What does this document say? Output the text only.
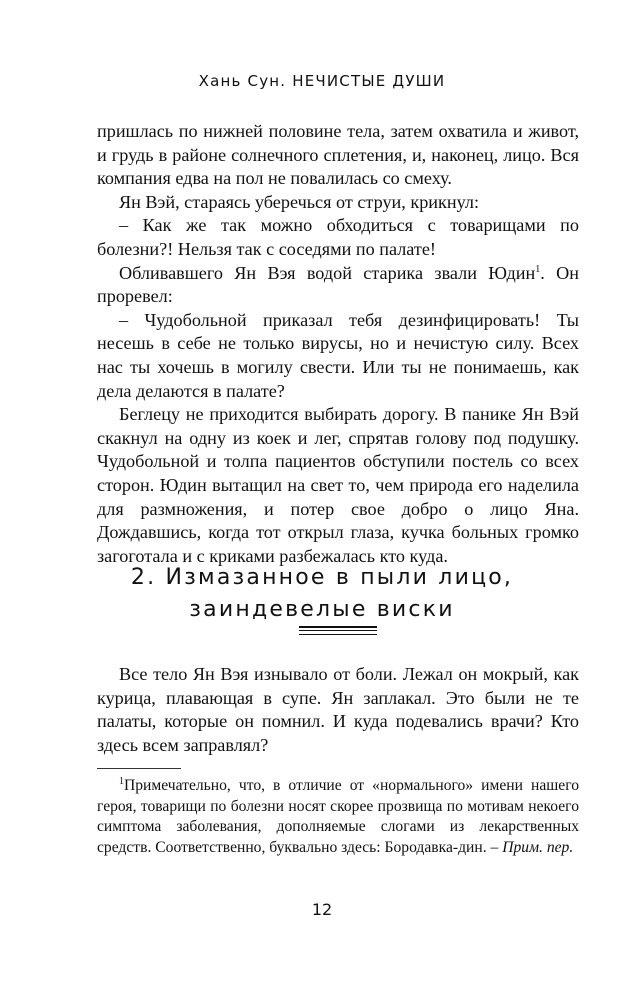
Хань Сун. НЕЧИСТЫЕ ДУШИ

пришлась по нижней половине тела, затем охватила и живот, и грудь в районе солнечного сплетения, и, наконец, лицо. Вся компания едва на пол не повалилась со смеху.

Ян Вэй, стараясь уберечься от струи, крикнул:

– Как же так можно обходиться с товарищами по болезни?! Нельзя так с соседями по палате!

Обливавшего Ян Вэя водой старика звали Юдин$^1$. Он проревел:

– Чудобольной приказал тебя дезинфицировать! Ты несешь в себе не только вирусы, но и нечистую силу. Всех нас ты хочешь в могилу свести. Или ты не понимаешь, как дела делаются в палате?

Беглецу не приходится выбирать дорогу. В панике Ян Вэй скакнул на одну из коек и лег, спрятав голову под подушку. Чудобольной и толпа пациентов обступили постель со всех сторон. Юдин вытащил на свет то, чем природа его наделила для размножения, и потер свое добро о лицо Яна. Дождавшись, когда тот открыл глаза, кучка больных громко загоготала и с криками разбежалась кто куда.

2. Измазанное в пыли лицо,
заиндевелые виски

Все тело Ян Вэя изнывало от боли. Лежал он мокрый, как курица, плавающая в супе. Ян заплакал. Это были не те палаты, которые он помнил. И куда подевались врачи? Кто здесь всем заправлял?

$^1$Примечательно, что, в отличие от «нормального» имени нашего героя, товарищи по болезни носят скорее прозвища по мотивам некоего симптома заболевания, дополняемые слогами из лекарственных средств. Соответственно, буквально здесь: Бородавка-дин. – Прим. пер.

12
